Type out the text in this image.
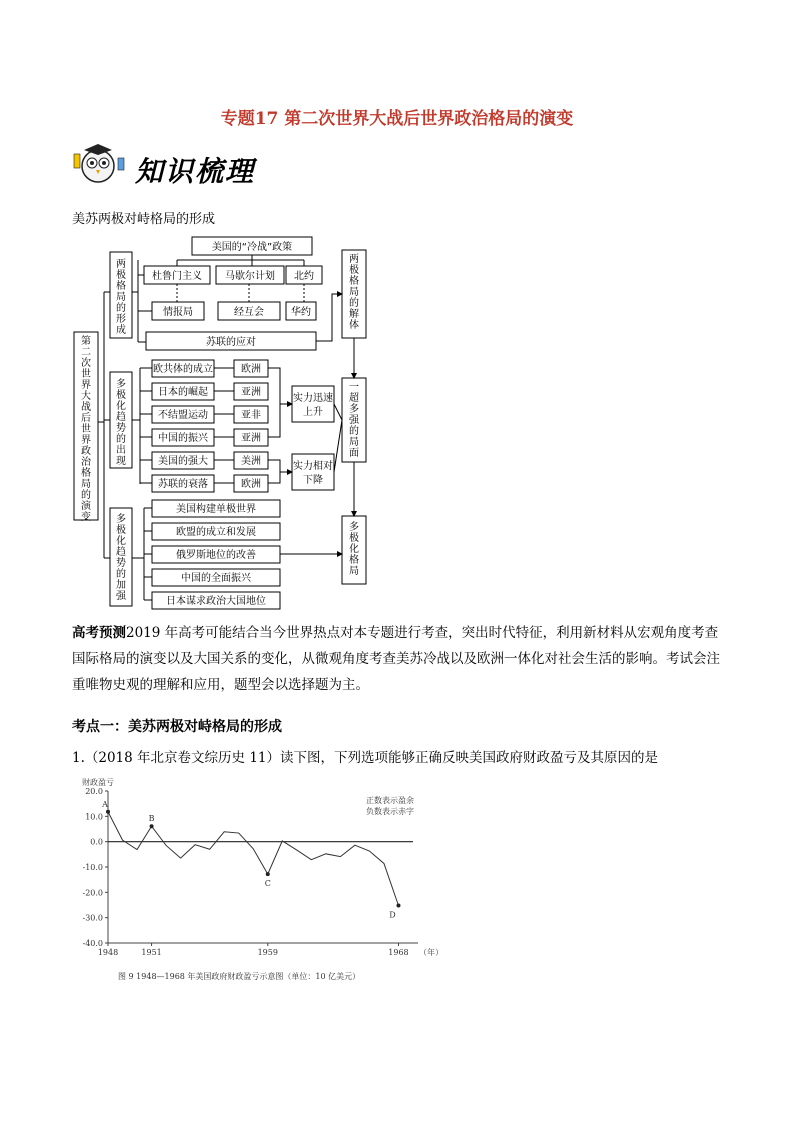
专题17 第二次世界大战后世界政治格局的演变
知识梳理
美苏两极对峙格局的形成
第
二
次
世
界
大
战
后
世
界
政
治
格
局
的
演
变
两
极
格
局
的
形
成
多
极
化
趋
势
的
出
现
多
极
化
趋
势
的
加
强
两
极
格
局
的
解
体
一
超
多
强
的
局
面
多
极
化
格
局
美国的“冷战”政策
杜鲁门主义 马歇尔计划 北约
情报局	经互会	华约
苏联的应对
欧共体的成立	欧洲
日本的崛起	亚洲
不结盟运动	亚非
中国的振兴	亚洲
美国的强大	美洲
苏联的衰落	欧洲
实力迅速
上升
实力相对
下降
美国构建单极世界
欧盟的成立和发展
俄罗斯地位的改善
中国的全面振兴
日本谋求政治大国地位
高考预测2019 年高考可能结合当今世界热点对本专题进行考查，突出时代特征，利用新材料从宏观角度考查国际格局的演变以及大国关系的变化，从微观角度考查美苏冷战以及欧洲一体化对社会生活的影响。考试会注重唯物史观的理解和应用，题型会以选择题为主。
考点一：美苏两极对峙格局的形成
1.（2018 年北京卷文综历史 11）读下图，下列选项能够正确反映美国政府财政盈亏及其原因的是
财政盈亏
正数表示盈余
负数表示赤字
20.0
10.0
0.0
-10.0
-20.0
-30.0
-40.0
1948	1951	1959	1968 （年）
A
B
C
D
图 9 1948—1968 年美国政府财政盈亏示意图（单位：10 亿美元）
